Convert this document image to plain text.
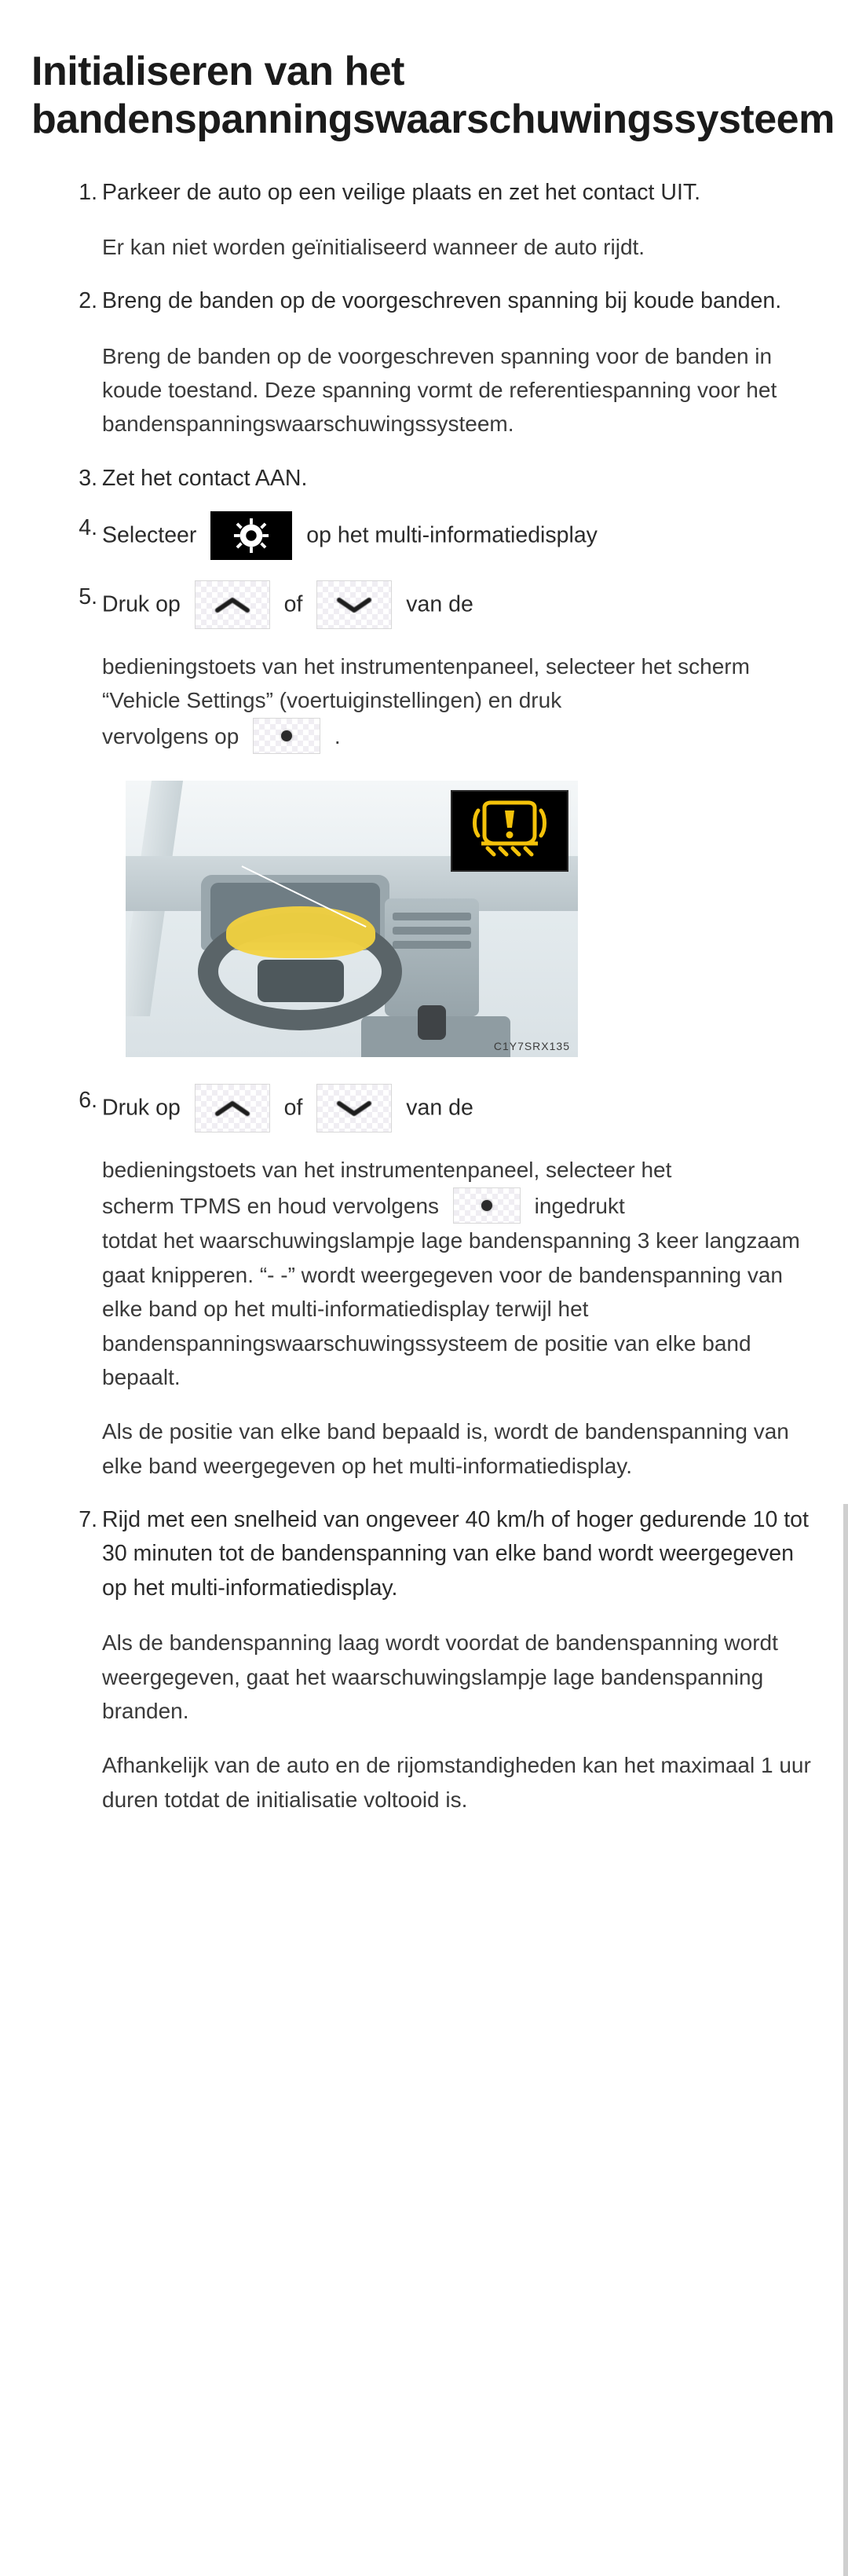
Initialiseren van het bandenspanningswaarschuwingssysteem
Parkeer de auto op een veilige plaats en zet het contact UIT.
Er kan niet worden geïnitialiseerd wanneer de auto rijdt.
Breng de banden op de voorgeschreven spanning bij koude banden.
Breng de banden op de voorgeschreven spanning voor de banden in koude toestand. Deze spanning vormt de referentiespanning voor het bandenspanningswaarschuwingssysteem.
Zet het contact AAN.
Selecteer	op het multi-informatiedisplay
Druk op	of	van de
bedieningstoets van het instrumentenpaneel, selecteer het scherm “Vehicle Settings” (voertuiginstellingen) en druk
vervolgens op	.
C1Y7SRX135
Druk op	of	van de
bedieningstoets van het instrumentenpaneel, selecteer het
scherm TPMS en houd vervolgens	ingedrukt
totdat het waarschuwingslampje lage bandenspanning 3 keer langzaam gaat knipperen. “- -” wordt weergegeven voor de bandenspanning van elke band op het multi-informatiedisplay terwijl het bandenspanningswaarschuwingssysteem de positie van elke band bepaalt.
Als de positie van elke band bepaald is, wordt de bandenspanning van elke band weergegeven op het multi-informatiedisplay.
Rijd met een snelheid van ongeveer 40 km/h of hoger gedurende 10 tot 30 minuten tot de bandenspanning van elke band wordt weergegeven op het multi-informatiedisplay.
Als de bandenspanning laag wordt voordat de bandenspanning wordt weergegeven, gaat het waarschuwingslampje lage bandenspanning branden.
Afhankelijk van de auto en de rijomstandigheden kan het maximaal 1 uur duren totdat de initialisatie voltooid is.
